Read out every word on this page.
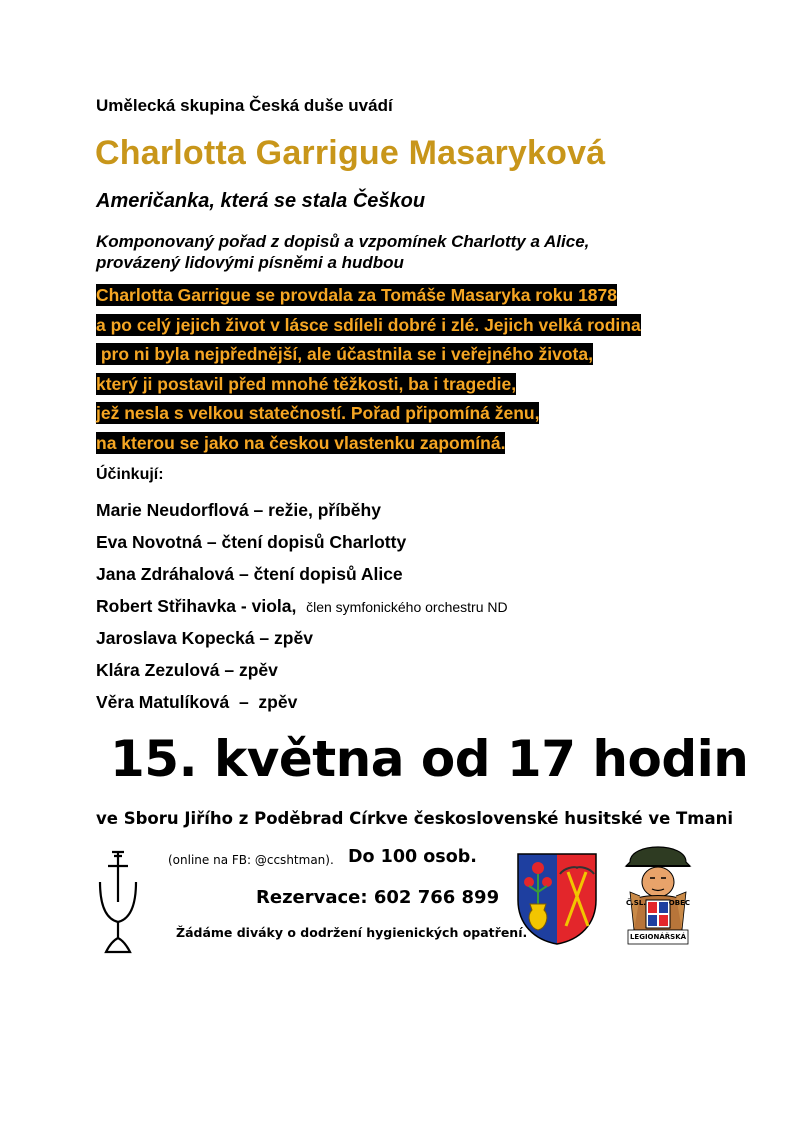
Umělecká skupina Česká duše uvádí
Charlotta Garrigue Masaryková
Američanka, která se stala Češkou
Komponovaný pořad z dopisů a vzpomínek Charlotty a Alice,
provázený lidovými písněmi a hudbou
Charlotta Garrigue se provdala za Tomáše Masaryka roku 1878
a po celý jejich život v lásce sdíleli dobré i zlé. Jejich velká rodina
pro ni byla nejpřednější, ale účastnila se i veřejného života,
který ji postavil před mnohé těžkosti, ba i tragedie,
jež nesla s velkou statečností. Pořad připomíná ženu,
na kterou se jako na českou vlastenku zapomíná.
Účinkují:
Marie Neudorflová – režie, příběhy
Eva Novotná – čtení dopisů Charlotty
Jana Zdráhalová – čtení dopisů Alice
Robert Střihavka - viola, člen symfonického orchestru ND
Jaroslava Kopecká – zpěv
Klára Zezulová – zpěv
Věra Matulíková  –  zpěv
15. května od 17 hodin
ve Sboru Jiřího z Poděbrad Církve československé husitské ve Tmani
(online na FB: @ccshtman). Do 100 osob.
Rezervace: 602 766 899
Žádáme diváky o dodržení hygienických opatření.
Č.SL.	OBEC
LEGIONÁŘSKÁ
